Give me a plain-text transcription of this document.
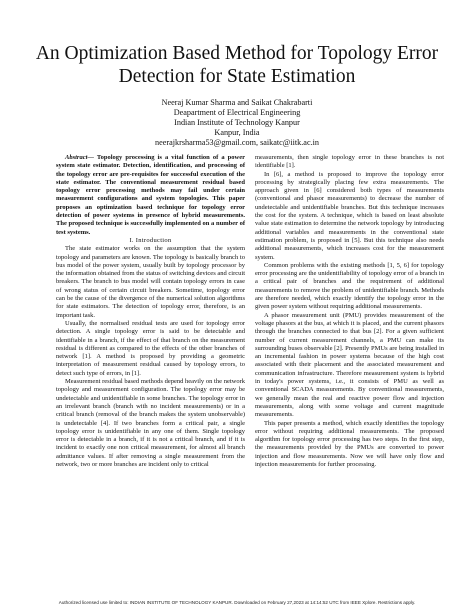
An Optimization Based Method for Topology Error
Detection for State Estimation
Neeraj Kumar Sharma and Saikat Chakrabarti
Deapartment of Electrical Engineering
Indian Institute of Technology Kanpur
Kanpur, India
neerajkrsharma53@gmail.com, saikatc@iitk.ac.in

Abstract— Topology processing is a vital function of a power system state estimator. Detection, identification, and processing of the topology error are pre-requisites for successful execution of the state estimator. The conventional measurement residual based topology error processing methods may fail under certain measurement configurations and system topologies. This paper proposes an optimization based technique for topology error detection of power systems in presence of hybrid measurements. The proposed technique is successfully implemented on a number of test systems.

I. Introduction

The state estimator works on the assumption that the system topology and parameters are known. The topology is basically branch to bus model of the power system, usually built by topology processor by the information obtained from the status of switching devices and circuit breakers. The branch to bus model will contain topology errors in case of wrong status of certain circuit breakers. Sometime, topology error can be the cause of the divergence of the numerical solution algorithms for state estimators. The detection of topology error, therefore, is an important task.

Usually, the normalised residual tests are used for topology error detection. A single topology error is said to be detectable and identifiable in a branch, if the effect of that branch on the measurement residual is different as compared to the effects of the other branches of network [1]. A method is proposed by providing a geometric interpretation of measurement residual caused by topology errors, to detect such type of errors, in [1].

Measurement residual based methods depend heavily on the network topology and measurement configuration. The topology error may be undetectable and unidentifiable in some branches. The topology error in an irrelevant branch (branch with no incident measurements) or in a critical branch (removal of the branch makes the system unobservable) is undetectable [4]. If two branches form a critical pair, a single topology error is unidentifiable in any one of them. Single topology error is detectable in a branch, if it is not a critical branch, and if it is incident to exactly one non critical measurement, for almost all branch admittance values. If after removing a single measurement from the network, two or more branches are incident only to critical

measurements, then single topology error in these branches is not identifiable [1].

In [6], a method is proposed to improve the topology error processing by strategically placing few extra measurements. The approach given in [6] considered both types of measurements (conventional and phasor measurements) to decrease the number of undetectable and unidentifiable branches. But this technique increases the cost for the system. A technique, which is based on least absolute value state estimation to determine the network topology by introducing additional variables and measurements in the conventional state estimation problem, is proposed in [5]. But this technique also needs additional measurements, which increases cost for the measurement system.

Common problems with the existing methods [1, 5, 6] for topology error processing are the unidentifiability of topology error of a branch in a critical pair of branches and the requirement of additional measurements to remove the problem of unidentifiable branch. Methods are therefore needed, which exactly identify the topology error in the given power system without requiring additional measurements.

A phasor measurement unit (PMU) provides measurement of the voltage phasors at the bus, at which it is placed, and the current phasors through the branches connected to that bus [2]. For a given sufficient number of current measurement channels, a PMU can make its surrounding buses observable [2]. Presently PMUs are being installed in an incremental fashion in power systems because of the high cost associated with their placement and the associated measurement and communication infrastructure. Therefore measurement system is hybrid in today's power systems, i.e., it consists of PMU as well as conventional SCADA measurements. By conventional measurements, we generally mean the real and reactive power flow and injection measurements, along with some voltage and current magnitude measurements.

This paper presents a method, which exactly identifies the topology error without requiring additional measurements. The proposed algorithm for topology error processing has two steps. In the first step, the measurements provided by the PMUs are converted to power injection and flow measurements. Now we will have only flow and injection measurements for further processing.

Authorized licensed use limited to: INDIAN INSTITUTE OF TECHNOLOGY KANPUR. Downloaded on February 27,2023 at 14:14:52 UTC from IEEE Xplore. Restrictions apply.
